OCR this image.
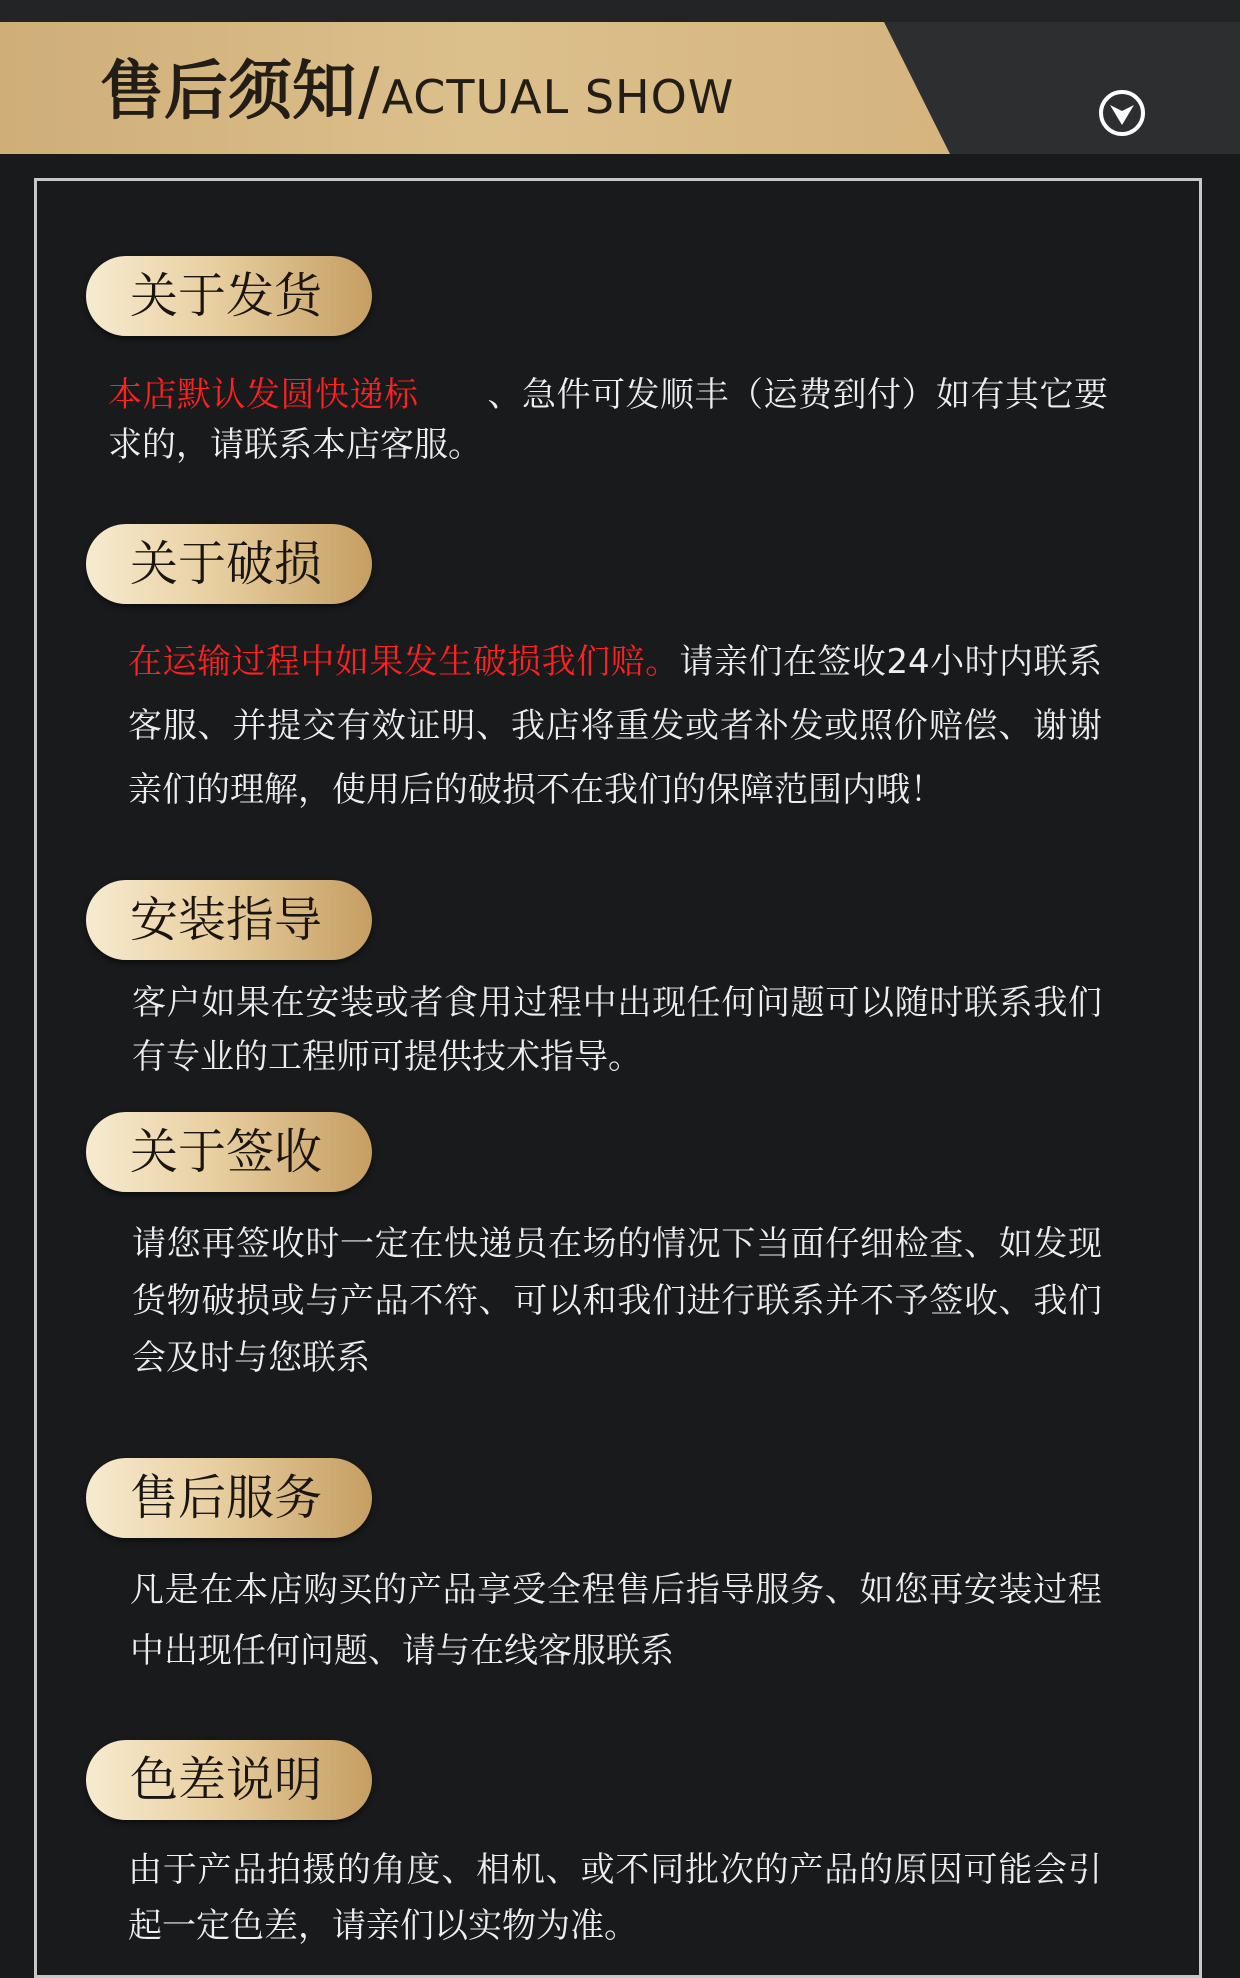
售后须知/ACTUAL SHOW
关于发货

本店默认发圆快递标　　 、急件可发顺丰（运费到付）如有其它要求的，请联系本店客服。

关于破损

在运输过程中如果发生破损我们赔。请亲们在签收24小时内联系客服、并提交有效证明、我店将重发或者补发或照价赔偿、谢谢亲们的理解，使用后的破损不在我们的保障范围内哦！

安装指导

客户如果在安装或者食用过程中出现任何问题可以随时联系我们有专业的工程师可提供技术指导。

关于签收

请您再签收时一定在快递员在场的情况下当面仔细检查、如发现货物破损或与产品不符、可以和我们进行联系并不予签收、我们会及时与您联系

售后服务

凡是在本店购买的产品享受全程售后指导服务、如您再安装过程中出现任何问题、请与在线客服联系

色差说明

由于产品拍摄的角度、相机、或不同批次的产品的原因可能会引起一定色差，请亲们以实物为准。
